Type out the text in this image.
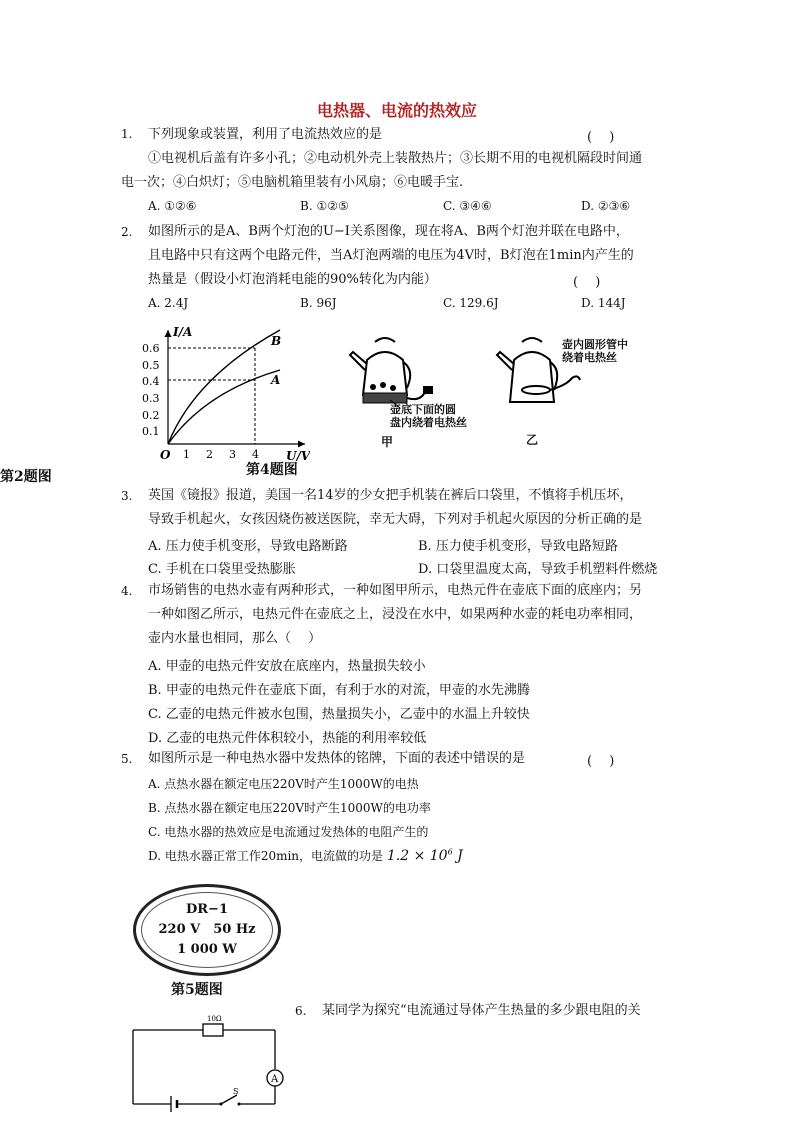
电热器、电流的热效应
1. 下列现象或装置，利用了电流热效应的是	(　 )
①电视机后盖有许多小孔；②电动机外壳上装散热片；③长期不用的电视机隔段时间通
电一次；④白炽灯；⑤电脑机箱里装有小风扇；⑥电暖手宝.
A. ①②⑥	B. ①②⑤	C. ③④⑥	D. ②③⑥
2. 如图所示的是A、B两个灯泡的U−I关系图像，现在将A、B两个灯泡并联在电路中，
且电路中只有这两个电路元件，当A灯泡两端的电压为4V时，B灯泡在1min内产生的
热量是（假设小灯泡消耗电能的90%转化为内能）	(　 )
A. 2.4J	B. 96J	C. 129.6J	D. 144J
I/A
U/V
O
0.6
0.5
0.4
0.3
0.2
0.1
1 2 3 4
B
A
第2题图
壶底下面的圆
盘内绕着电热丝
甲
壶内圆形管中
绕着电热丝
乙
第4题图
3. 英国《镜报》报道，美国一名14岁的少女把手机装在裤后口袋里，不慎将手机压坏，
导致手机起火，女孩因烧伤被送医院，幸无大碍，下列对手机起火原因的分析正确的是
A. 压力使手机变形，导致电路断路	B. 压力使手机变形，导致电路短路
C. 手机在口袋里受热膨胀	D. 口袋里温度太高，导致手机塑料件燃烧
4. 市场销售的电热水壶有两种形式，一种如图甲所示，电热元件在壶底下面的底座内；另
一种如图乙所示，电热元件在壶底之上，浸没在水中，如果两种水壶的耗电功率相同，
壶内水量也相同，那么（　 ）
A. 甲壶的电热元件安放在底座内，热量损失较小
B. 甲壶的电热元件在壶底下面，有利于水的对流，甲壶的水先沸腾
C. 乙壶的电热元件被水包围，热量损失小，乙壶中的水温上升较快
D. 乙壶的电热元件体积较小，热能的利用率较低
5. 如图所示是一种电热水器中发热体的铭牌，下面的表述中错误的是	(　 )
A. 点热水器在额定电压220V时产生1000W的电热
B. 点热水器在额定电压220V时产生1000W的电功率
C. 电热水器的热效应是电流通过发热体的电阻产生的
D. 电热水器正常工作20min，电流做的功是 $1.2 \times 10^6$ J
DR−1
220 V　50 Hz
1 000 W
第5题图
6. 某同学为探究“电流通过导体产生热量的多少跟电阻的关
10Ω
A
S
